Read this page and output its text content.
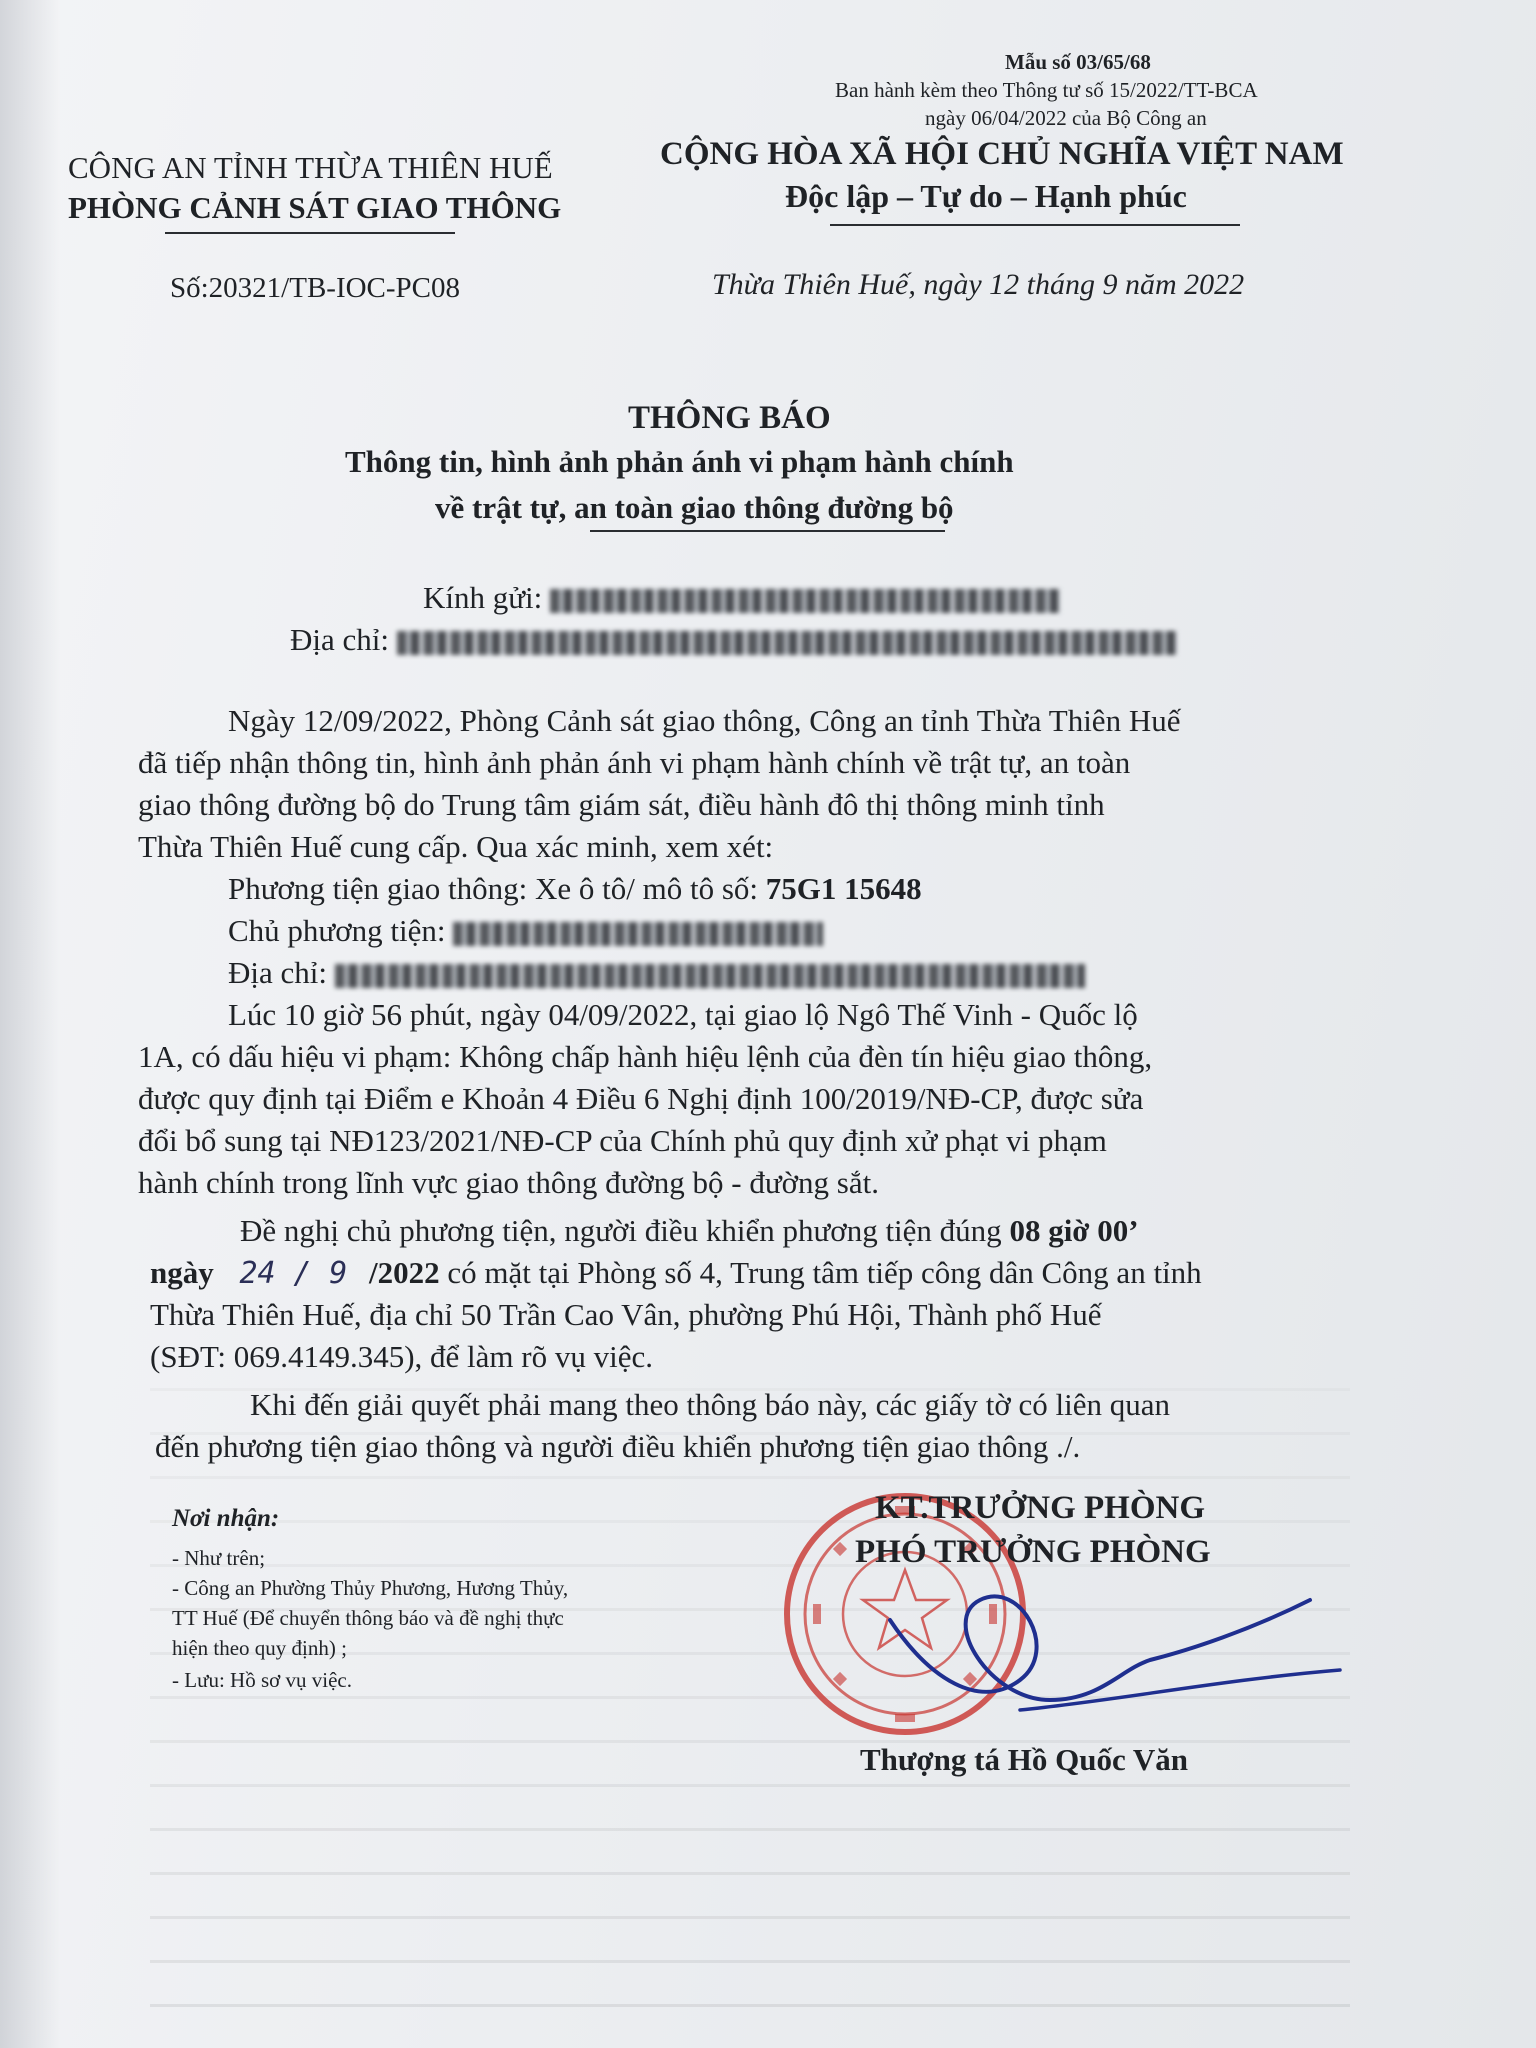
Mẫu số 03/65/68
Ban hành kèm theo Thông tư số 15/2022/TT-BCA
ngày 06/04/2022 của Bộ Công an
CÔNG AN TỈNH THỪA THIÊN HUẾ
PHÒNG CẢNH SÁT GIAO THÔNG
CỘNG HÒA XÃ HỘI CHỦ NGHĨA VIỆT NAM
Độc lập – Tự do – Hạnh phúc
Số:20321/TB-IOC-PC08	Thừa Thiên Huế, ngày 12 tháng 9 năm 2022
THÔNG BÁO
Thông tin, hình ảnh phản ánh vi phạm hành chính
về trật tự, an toàn giao thông đường bộ
Kính gửi:
Địa chỉ:
Ngày 12/09/2022, Phòng Cảnh sát giao thông, Công an tỉnh Thừa Thiên Huế
đã tiếp nhận thông tin, hình ảnh phản ánh vi phạm hành chính về trật tự, an toàn
giao thông đường bộ do Trung tâm giám sát, điều hành đô thị thông minh tỉnh
Thừa Thiên Huế cung cấp. Qua xác minh, xem xét:
Phương tiện giao thông: Xe ô tô/ mô tô số: 75G1 15648
Chủ phương tiện:
Địa chỉ:
Lúc 10 giờ 56 phút, ngày 04/09/2022, tại giao lộ Ngô Thế Vinh - Quốc lộ
1A, có dấu hiệu vi phạm: Không chấp hành hiệu lệnh của đèn tín hiệu giao thông,
được quy định tại Điểm e Khoản 4 Điều 6 Nghị định 100/2019/NĐ-CP, được sửa
đổi bổ sung tại NĐ123/2021/NĐ-CP của Chính phủ quy định xử phạt vi phạm
hành chính trong lĩnh vực giao thông đường bộ - đường sắt.
Đề nghị chủ phương tiện, người điều khiển phương tiện đúng 08 giờ 00’
ngày 24 / 9 /2022 có mặt tại Phòng số 4, Trung tâm tiếp công dân Công an tỉnh
Thừa Thiên Huế, địa chỉ 50 Trần Cao Vân, phường Phú Hội, Thành phố Huế
(SĐT: 069.4149.345), để làm rõ vụ việc.
Khi đến giải quyết phải mang theo thông báo này, các giấy tờ có liên quan
đến phương tiện giao thông và người điều khiển phương tiện giao thông ./.
Nơi nhận:
- Như trên;
- Công an Phường Thủy Phương, Hương Thủy,
TT Huế (Để chuyển thông báo và đề nghị thực
hiện theo quy định) ;
- Lưu: Hồ sơ vụ việc.
KT.TRƯỞNG PHÒNG
PHÓ TRƯỞNG PHÒNG
Thượng tá Hồ Quốc Văn
